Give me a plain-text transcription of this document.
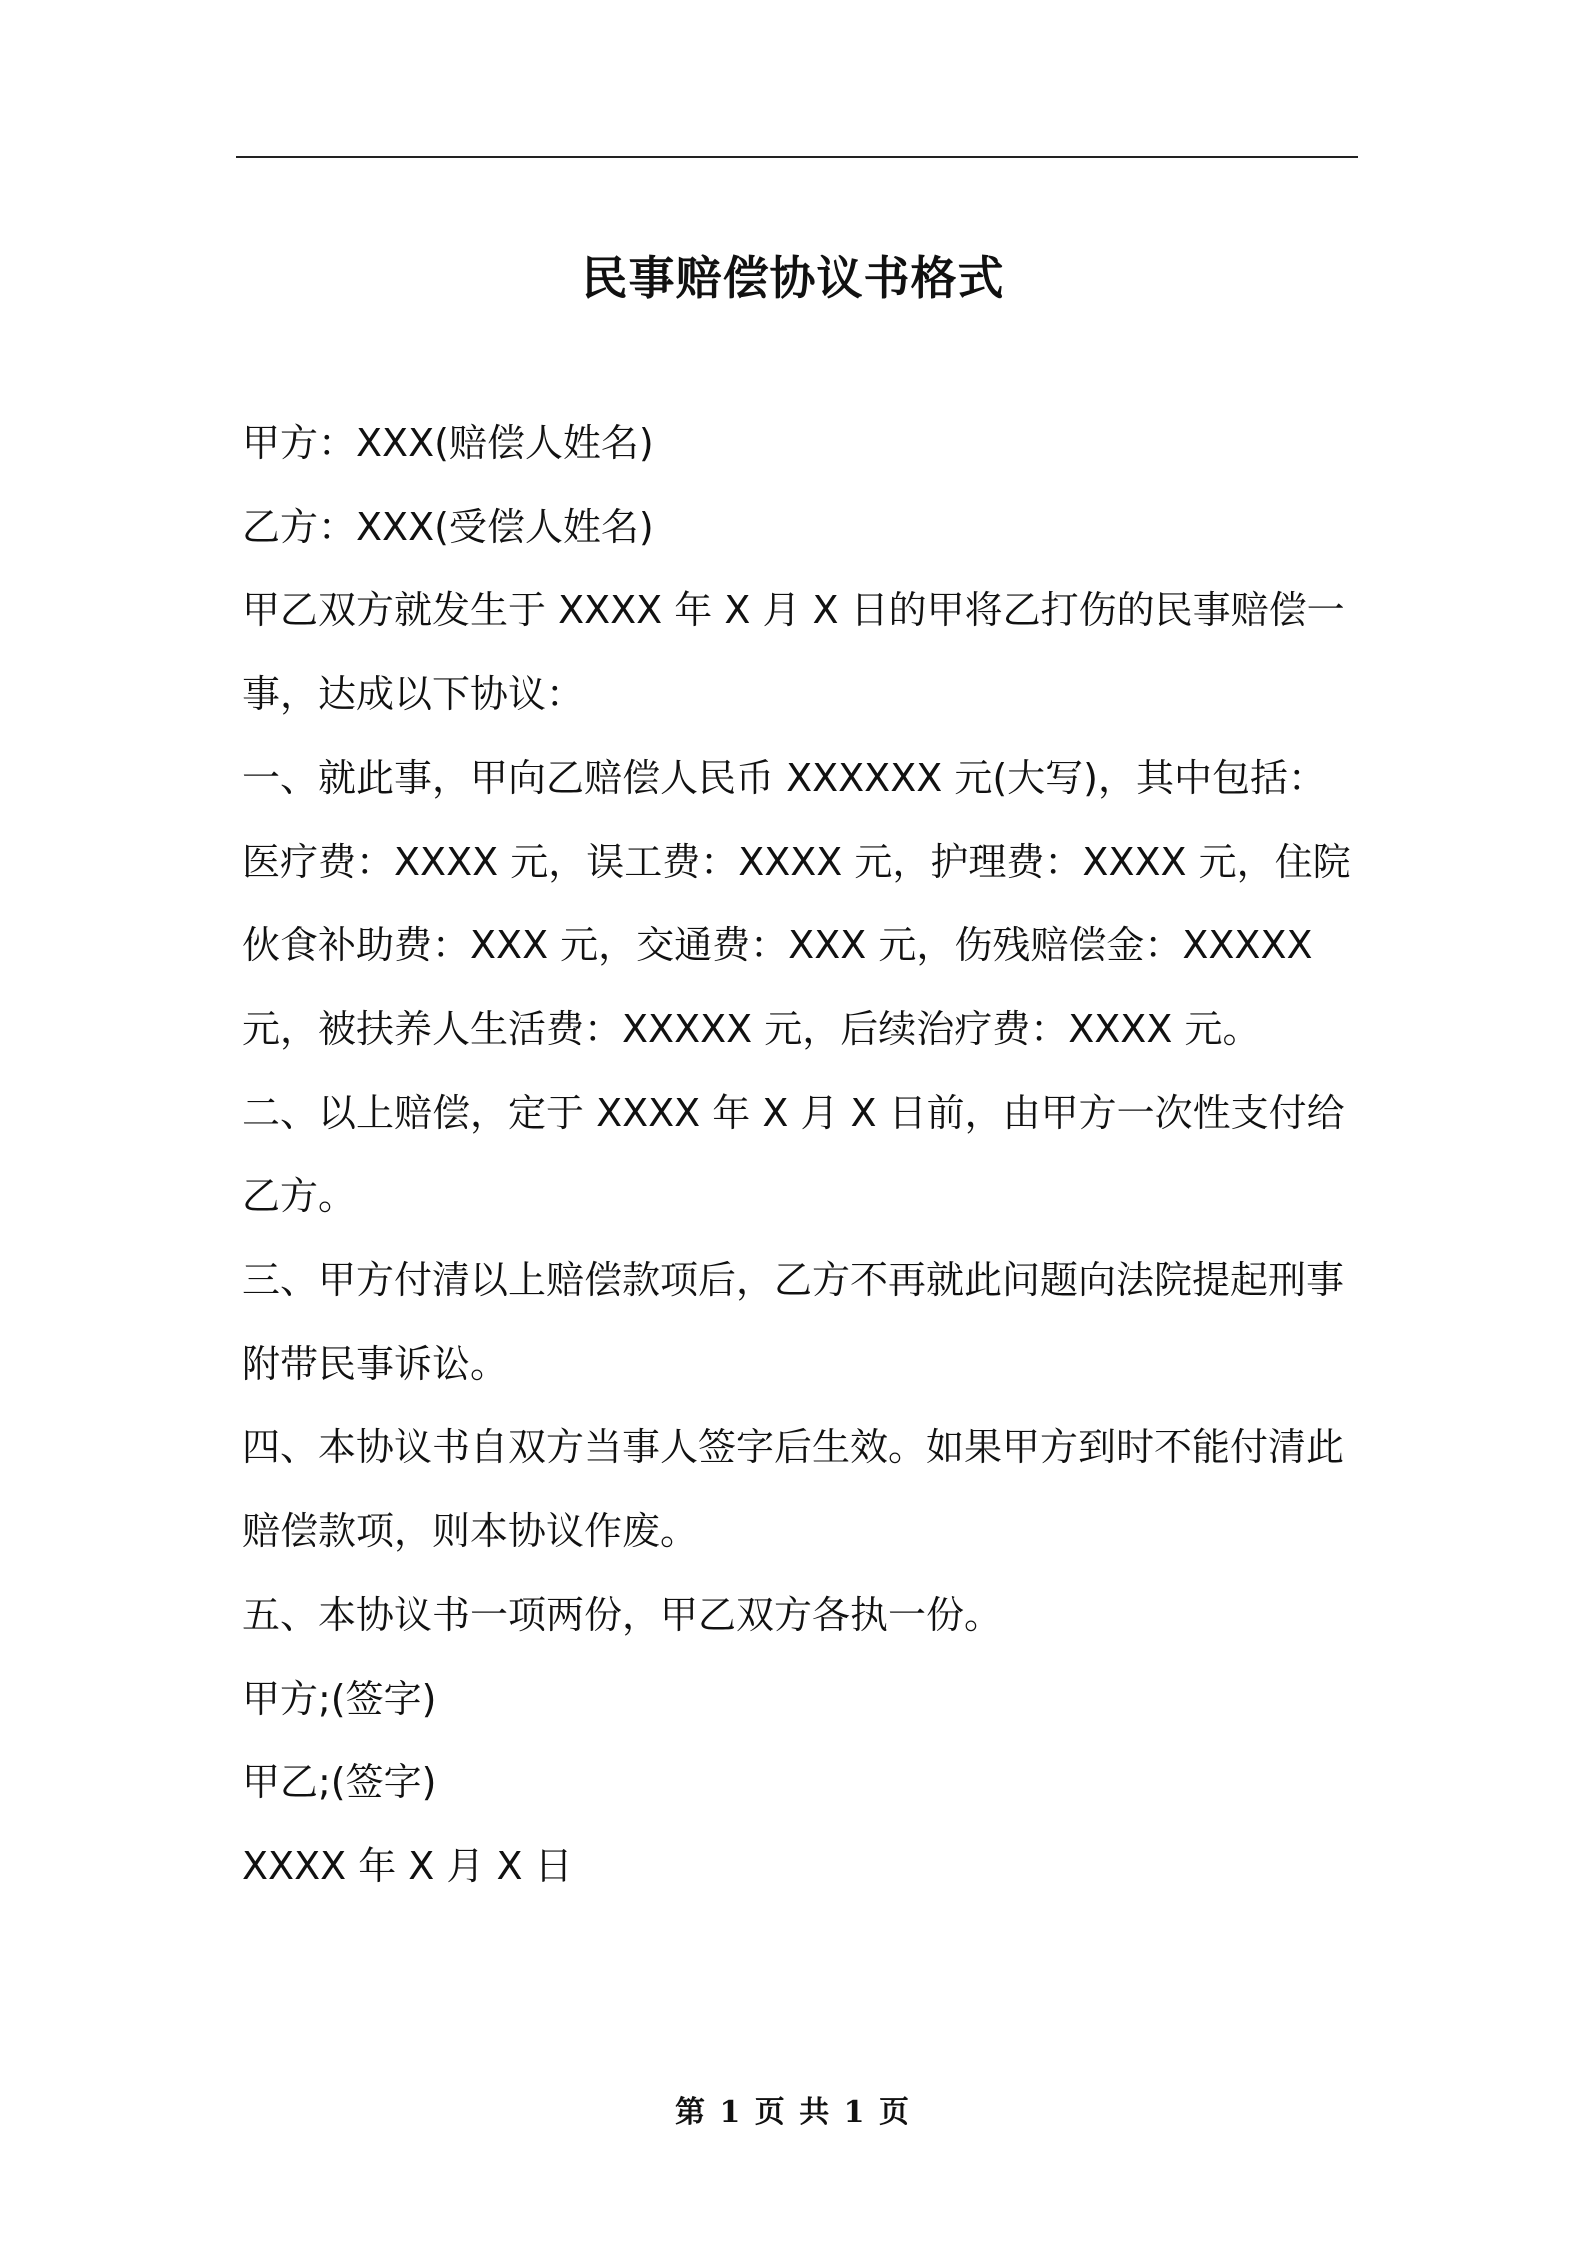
民事赔偿协议书格式

甲方：XXX(赔偿人姓名)

乙方：XXX(受偿人姓名)

甲乙双方就发生于 XXXX 年 X 月 X 日的甲将乙打伤的民事赔偿一事，达成以下协议：

一、就此事，甲向乙赔偿人民币 XXXXXX 元(大写)，其中包括：

医疗费：XXXX 元，误工费：XXXX 元，护理费：XXXX 元，住院伙食补助费：XXX 元，交通费：XXX 元，伤残赔偿金：XXXXX 元，被扶养人生活费：XXXXX 元，后续治疗费：XXXX 元。

二、以上赔偿，定于 XXXX 年 X 月 X 日前，由甲方一次性支付给乙方。

三、甲方付清以上赔偿款项后，乙方不再就此问题向法院提起刑事附带民事诉讼。

四、本协议书自双方当事人签字后生效。如果甲方到时不能付清此赔偿款项，则本协议作废。

五、本协议书一项两份，甲乙双方各执一份。

甲方;(签字)

甲乙;(签字)

XXXX 年 X 月 X 日

第 1 页 共 1 页
